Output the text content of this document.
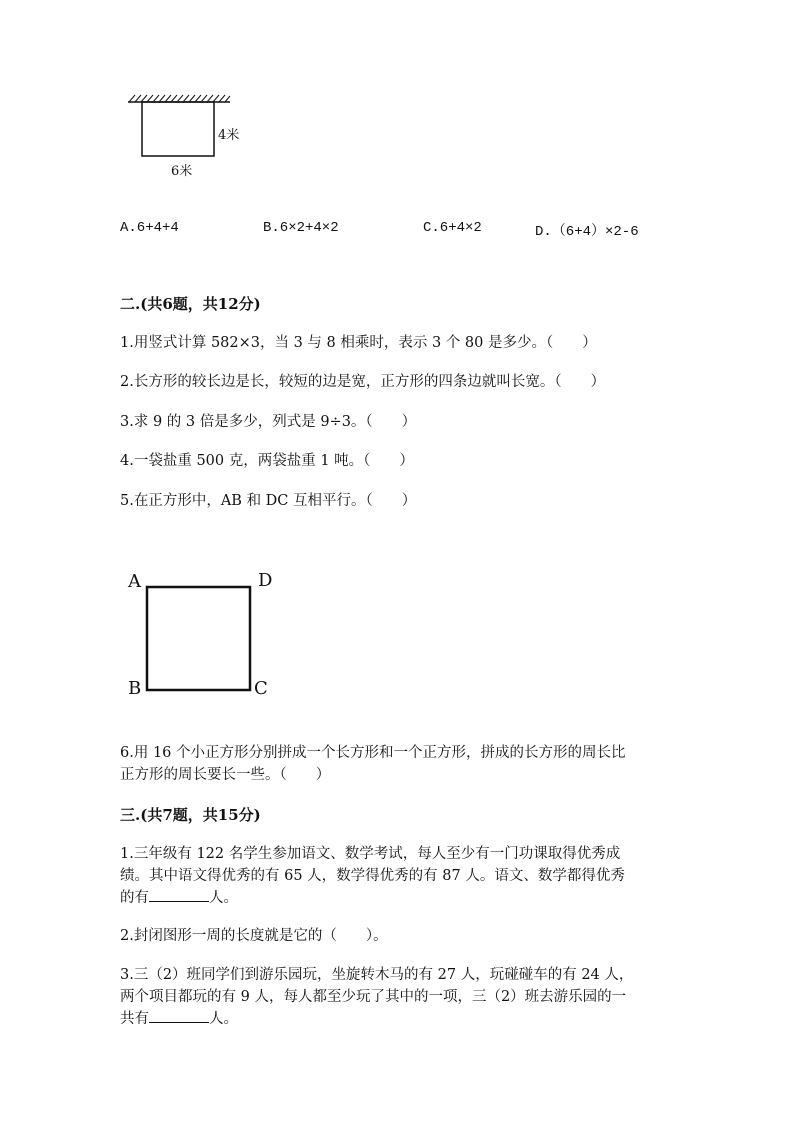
4米
6米
A.6+4+4	B.6×2+4×2	C.6+4×2	D.（6+4）×2-6
二.(共6题，共12分)
1.用竖式计算 582×3，当 3 与 8 相乘时，表示 3 个 80 是多少。（　　）
2.长方形的较长边是长，较短的边是宽，正方形的四条边就叫长宽。（　　）
3.求 9 的 3 倍是多少，列式是 9÷3。（　　）
4.一袋盐重 500 克，两袋盐重 1 吨。（　　）
5.在正方形中，AB 和 DC 互相平行。（　　）
A	D
B	C
6.用 16 个小正方形分别拼成一个长方形和一个正方形，拼成的长方形的周长比
正方形的周长要长一些。（　　）
三.(共7题，共15分)
1.三年级有 122 名学生参加语文、数学考试，每人至少有一门功课取得优秀成
绩。其中语文得优秀的有 65 人，数学得优秀的有 87 人。语文、数学都得优秀
的有	人。
2.封闭图形一周的长度就是它的（　　）。
3.三（2）班同学们到游乐园玩，坐旋转木马的有 27 人，玩碰碰车的有 24 人，
两个项目都玩的有 9 人，每人都至少玩了其中的一项，三（2）班去游乐园的一
共有	人。
